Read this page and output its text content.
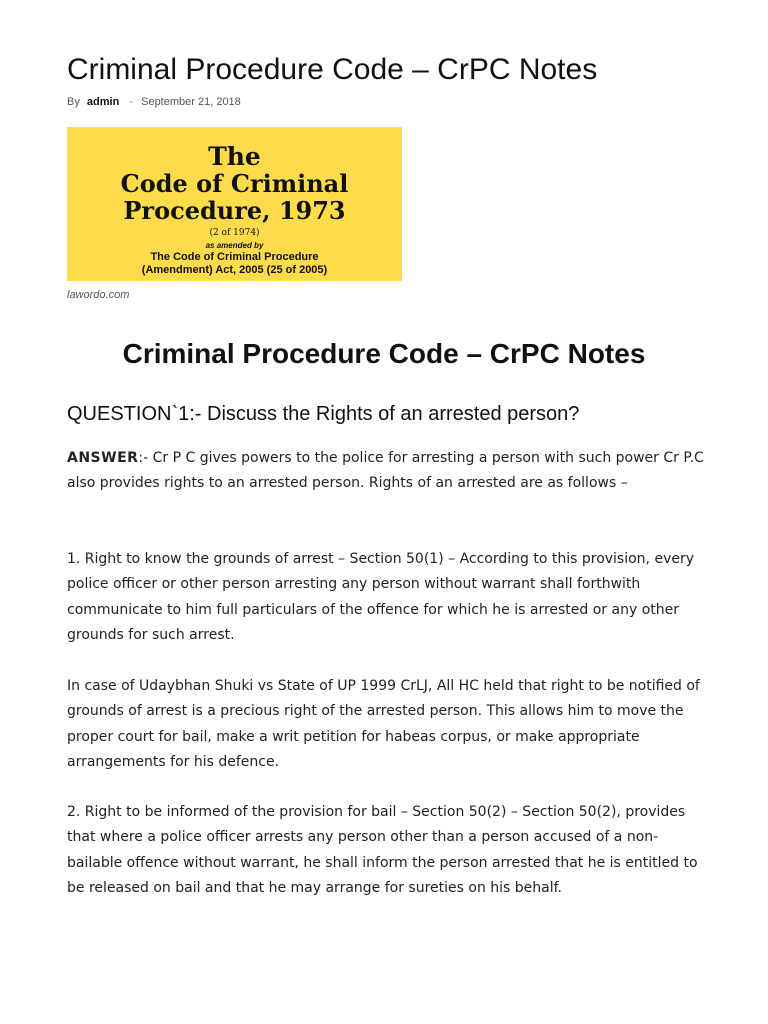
Criminal Procedure Code – CrPC Notes
By admin - September 21, 2018
The
Code of Criminal
Procedure, 1973
(2 of 1974)
as amended by
The Code of Criminal Procedure
(Amendment) Act, 2005 (25 of 2005)
lawordo.com
Criminal Procedure Code – CrPC Notes
QUESTION`1:- Discuss the Rights of an arrested person?

ANSWER:- Cr P C gives powers to the police for arresting a person with such power Cr P.C also provides rights to an arrested person. Rights of an arrested are as follows –

1. Right to know the grounds of arrest – Section 50(1) – According to this provision, every police officer or other person arresting any person without warrant shall forthwith communicate to him full particulars of the offence for which he is arrested or any other grounds for such arrest.

In case of Udaybhan Shuki vs State of UP 1999 CrLJ, All HC held that right to be notified of grounds of arrest is a precious right of the arrested person. This allows him to move the proper court for bail, make a writ petition for habeas corpus, or make appropriate arrangements for his defence.

2. Right to be informed of the provision for bail – Section 50(2) – Section 50(2), provides that where a police officer arrests any person other than a person accused of a non-bailable offence without warrant, he shall inform the person arrested that he is entitled to be released on bail and that he may arrange for sureties on his behalf.
